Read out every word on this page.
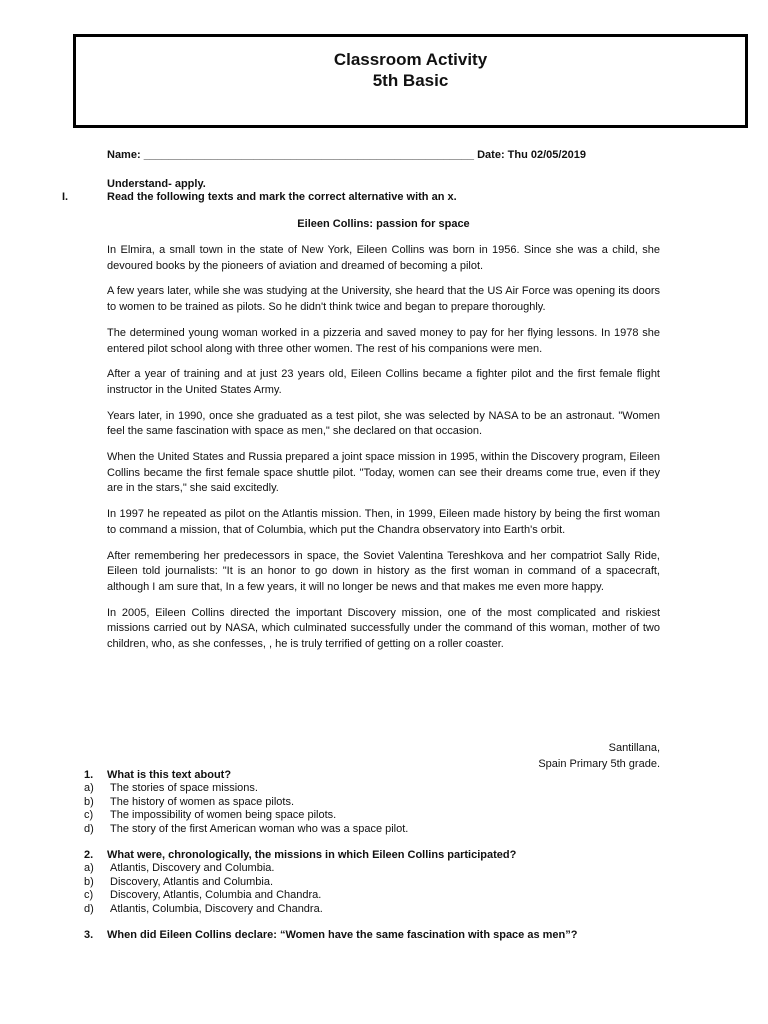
Classroom Activity
5th Basic
Name: ______________________________________________________ Date: Thu 02/05/2019
Understand- apply.
I.	Read the following texts and mark the correct alternative with an x.
Eileen Collins: passion for space

In Elmira, a small town in the state of New York, Eileen Collins was born in 1956. Since she was a child, she devoured books by the pioneers of aviation and dreamed of becoming a pilot.

A few years later, while she was studying at the University, she heard that the US Air Force was opening its doors to women to be trained as pilots. So he didn't think twice and began to prepare thoroughly.

The determined young woman worked in a pizzeria and saved money to pay for her flying lessons. In 1978 she entered pilot school along with three other women. The rest of his companions were men.

After a year of training and at just 23 years old, Eileen Collins became a fighter pilot and the first female flight instructor in the United States Army.

Years later, in 1990, once she graduated as a test pilot, she was selected by NASA to be an astronaut. "Women feel the same fascination with space as men," she declared on that occasion.

When the United States and Russia prepared a joint space mission in 1995, within the Discovery program, Eileen Collins became the first female space shuttle pilot. "Today, women can see their dreams come true, even if they are in the stars," she said excitedly.

In 1997 he repeated as pilot on the Atlantis mission. Then, in 1999, Eileen made history by being the first woman to command a mission, that of Columbia, which put the Chandra observatory into Earth's orbit.

After remembering her predecessors in space, the Soviet Valentina Tereshkova and her compatriot Sally Ride, Eileen told journalists: "It is an honor to go down in history as the first woman in command of a spacecraft, although I am sure that, In a few years, it will no longer be news and that makes me even more happy.

In 2005, Eileen Collins directed the important Discovery mission, one of the most complicated and riskiest missions carried out by NASA, which culminated successfully under the command of this woman, mother of two children, who, as she confesses, , he is truly terrified of getting on a roller coaster.

Santillana,
Spain Primary 5th grade.
1.	What is this text about?
a)	The stories of space missions.
b)	The history of women as space pilots.
c)	The impossibility of women being space pilots.
d)	The story of the first American woman who was a space pilot.
2.	What were, chronologically, the missions in which Eileen Collins participated?
a)	Atlantis, Discovery and Columbia.
b)	Discovery, Atlantis and Columbia.
c)	Discovery, Atlantis, Columbia and Chandra.
d)	Atlantis, Columbia, Discovery and Chandra.
3.	When did Eileen Collins declare: “Women have the same fascination with space as men”?
